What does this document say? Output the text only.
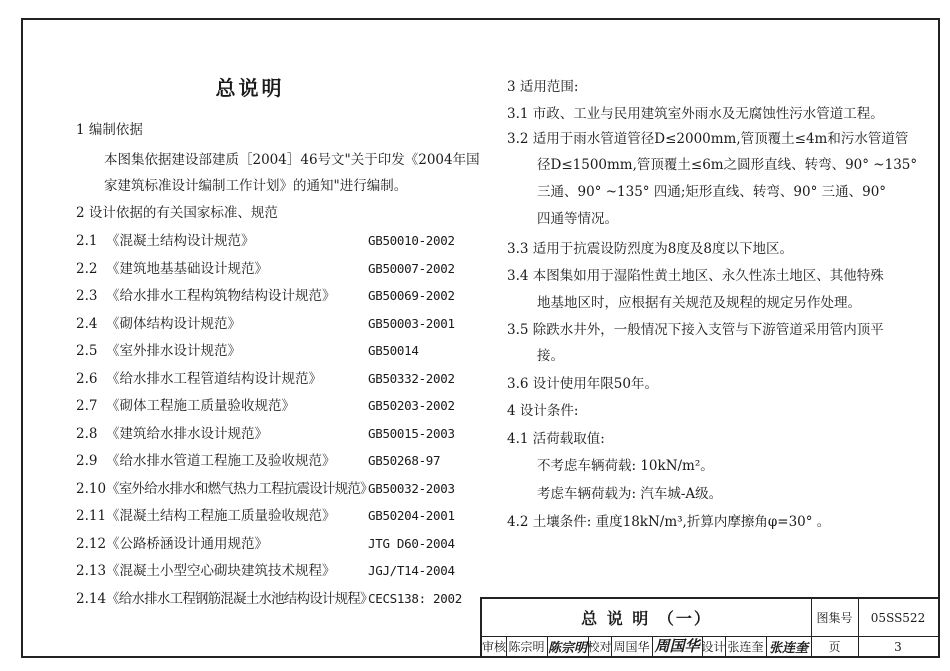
总说明
1 编制依据
本图集依据建设部建质［2004］46号文"关于印发《2004年国
家建筑标准设计编制工作计划》的通知"进行编制。
2 设计依据的有关国家标准、规范
2.1 《混凝土结构设计规范》	GB50010-2002
2.2 《建筑地基基础设计规范》	GB50007-2002
2.3 《给水排水工程构筑物结构设计规范》	GB50069-2002
2.4 《砌体结构设计规范》	GB50003-2001
2.5 《室外排水设计规范》	GB50014
2.6 《给水排水工程管道结构设计规范》	GB50332-2002
2.7 《砌体工程施工质量验收规范》	GB50203-2002
2.8 《建筑给水排水设计规范》	GB50015-2003
2.9 《给水排水管道工程施工及验收规范》	GB50268-97
2.10《室外给水排水和燃气热力工程抗震设计规范》
GB50032-2003
2.11《混凝土结构工程施工质量验收规范》	GB50204-2001
2.12《公路桥涵设计通用规范》	JTG D60-2004
2.13《混凝土小型空心砌块建筑技术规程》	JGJ/T14-2004
2.14《给水排水工程钢筋混凝土水池结构设计规程》
CECS138: 2002
3 适用范围:
3.1 市政、工业与民用建筑室外雨水及无腐蚀性污水管道工程。
3.2 适用于雨水管道管径D≤2000mm,管顶覆土≤4m和污水管道管
径D≤1500mm,管顶覆土≤6m之圆形直线、转弯、90° ~135°
三通、90° ~135° 四通;矩形直线、转弯、90° 三通、90°
四通等情况。
3.3 适用于抗震设防烈度为8度及8度以下地区。
3.4 本图集如用于湿陷性黄土地区、永久性冻土地区、其他特殊
地基地区时，应根据有关规范及规程的规定另作处理。
3.5 除跌水井外，一般情况下接入支管与下游管道采用管内顶平
接。
3.6 设计使用年限50年。
4 设计条件:
4.1 活荷载取值:
不考虑车辆荷载: 10kN/m²。
考虑车辆荷载为: 汽车城-A级。
4.2 土壤条件: 重度18kN/m³,折算内摩擦角φ=30° 。
总 说 明 （一）	图集号	05SS522
审核 陈宗明 陈宗明 校对 周国华 周国华 设计 张连奎 张连奎	页	3
